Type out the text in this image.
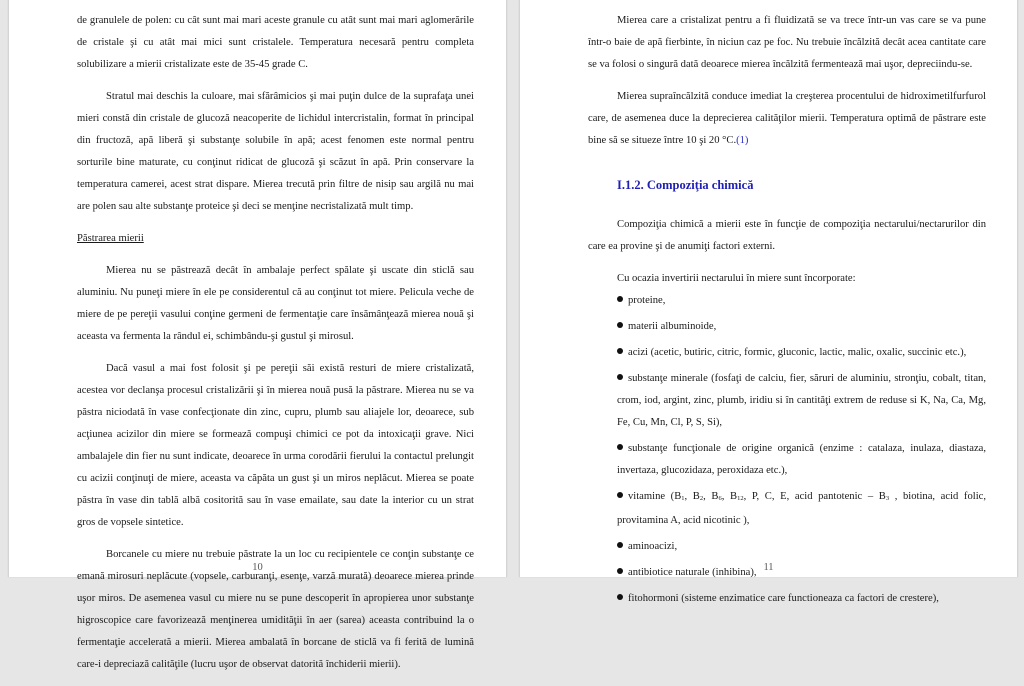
de granulele de polen: cu cât sunt mai mari aceste granule cu atât sunt mai mari aglomerările de cristale şi cu atât mai mici sunt cristalele. Temperatura necesară pentru completa solubilizare a mierii cristalizate este de 35-45 grade C.

Stratul mai deschis la culoare, mai sfărâmicios şi mai puţin dulce de la suprafaţa unei mieri constă din cristale de glucoză neacoperite de lichidul intercristalin, format în principal din fructoză, apă liberă şi substanţe solubile în apă; acest fenomen este normal pentru sorturile bine maturate, cu conţinut ridicat de glucoză şi scăzut în apă. Prin conservare la temperatura camerei, acest strat dispare. Mierea trecută prin filtre de nisip sau argilă nu mai are polen sau alte substanţe proteice şi deci se menţine necristalizată mult timp.

Păstrarea mierii

Mierea nu se păstrează decât în ambalaje perfect spălate şi uscate din sticlă sau aluminiu. Nu puneţi miere în ele pe considerentul că au conţinut tot miere. Pelicula veche de miere de pe pereţii vasului conţine germeni de fermentaţie care însămânţează mierea nouă şi aceasta va fermenta la rândul ei, schimbându-şi gustul şi mirosul.

Dacă vasul a mai fost folosit şi pe pereţii săi există resturi de miere cristalizată, acestea vor declanşa procesul cristalizării şi în mierea nouă pusă la păstrare. Mierea nu se va păstra niciodată în vase confecţionate din zinc, cupru, plumb sau aliajele lor, deoarece, sub acţiunea acizilor din miere se formează compuşi chimici ce pot da intoxicaţii grave. Nici ambalajele din fier nu sunt indicate, deoarece în urma corodării fierului la contactul prelungit cu acizii conţinuţi de miere, aceasta va căpăta un gust şi un miros neplăcut. Mierea se poate păstra în vase din tablă albă cositorită sau în vase emailate, sau date la interior cu un strat gros de vopsele sintetice.

Borcanele cu miere nu trebuie păstrate la un loc cu recipientele ce conţin substanţe ce emană mirosuri neplăcute (vopsele, carburanţi, esenţe, varză murată) deoarece mierea prinde uşor miros. De asemenea vasul cu miere nu se pune descoperit în apropierea unor substanţe higroscopice care favorizează menţinerea umidităţii în aer (sarea) aceasta contribuind la o fermentaţie accelerată a mierii. Mierea ambalată în borcane de sticlă va fi ferită de lumină care-i depreciază calităţile (lucru uşor de observat datorită închiderii mierii).

10

Mierea care a cristalizat pentru a fi fluidizată se va trece într-un vas care se va pune într-o baie de apă fierbinte, în niciun caz pe foc. Nu trebuie încălzită decât acea cantitate care se va folosi o singură dată deoarece mierea încălzită fermentează mai uşor, depreciindu-se.

Mierea supraîncălzită conduce imediat la creşterea procentului de hidroximetilfurfurol care, de asemenea duce la deprecierea calităţilor mierii. Temperatura optimă de păstrare este bine să se situeze între 10 şi 20 °C.(1)

I.1.2. Compoziţia chimică

Compoziţia chimică a mierii este în funcţie de compoziţia nectarului/nectarurilor din care ea provine şi de anumiţi factori externi.

Cu ocazia invertirii nectarului în miere sunt încorporate:

proteine,
materii albuminoide,
acizi (acetic, butiric, citric, formic, gluconic, lactic, malic, oxalic, succinic etc.),
substanţe minerale (fosfaţi de calciu, fier, săruri de aluminiu, stronţiu, cobalt, titan, crom, iod, argint, zinc, plumb, iridiu si în cantităţi extrem de reduse si K, Na, Ca, Mg, Fe, Cu, Mn, Cl, P, S, Si),
substanţe funcţionale de origine organică (enzime : catalaza, inulaza, diastaza, invertaza, glucozidaza, peroxidaza etc.),
vitamine ($B_1$, $B_2$, $B_6$, $B_{12}$, P, C, E, acid pantotenic – $B_3$ , biotina, acid folic, provitamina A, acid nicotinic ),
aminoacizi,
antibiotice naturale (inhibina),
fitohormoni (sisteme enzimatice care functioneaza ca factori de crestere),
11
